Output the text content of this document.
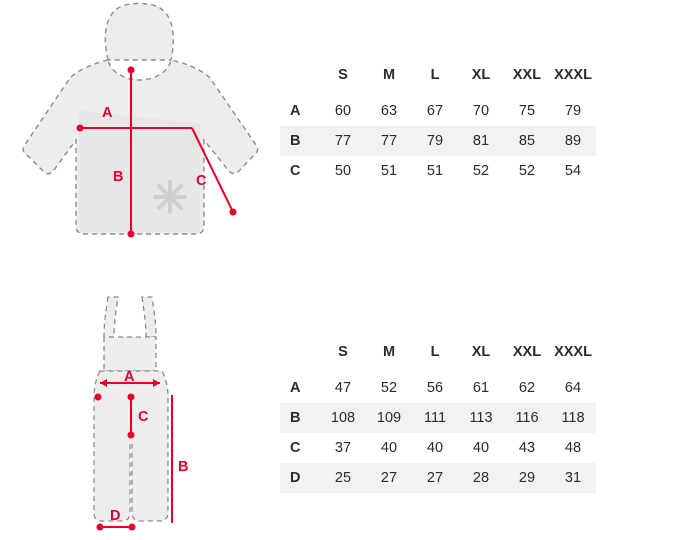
A
B	C
	S	M	L	XL	XXL	XXXL
A	60	63	67	70	75	79
B	77	77	79	81	85	89
C	50	51	51	52	52	54
A
C
B
D
	S	M	L	XL	XXL	XXXL
A	47	52	56	61	62	64
B	108	109	111	113	116	118
C	37	40	40	40	43	48
D	25	27	27	28	29	31
